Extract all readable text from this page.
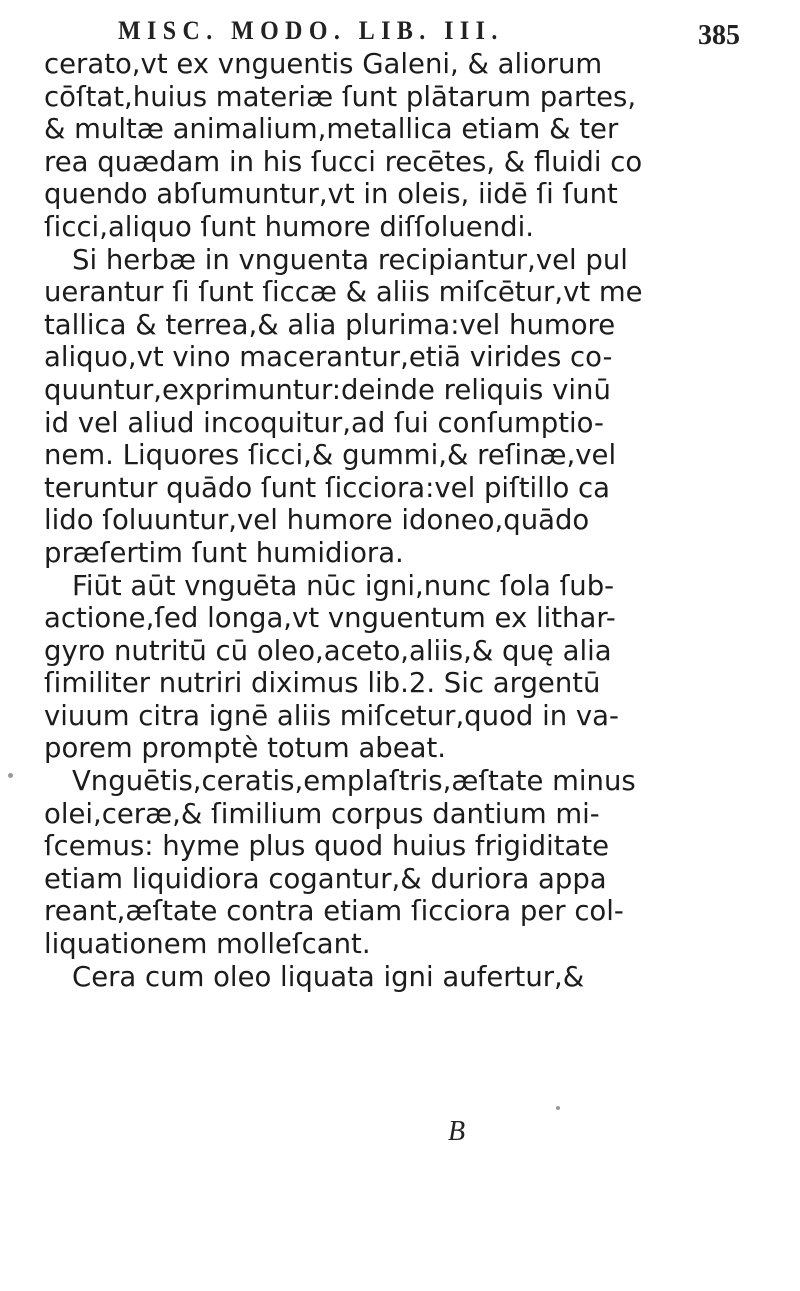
MISC. MODO. LIB. III.	385
cerato,vt ex vnguentis Galeni, & aliorum
cōſtat,huius materiæ ſunt plātarum partes,
& multæ animalium,metallica etiam & ter
rea quædam in his ſucci recētes, & fluidi co
quendo abſumuntur,vt in oleis, iidē ſi ſunt
ſicci,aliquo ſunt humore diſſoluendi.
Si herbæ in vnguenta recipiantur,vel pul
uerantur ſi ſunt ſiccæ & aliis miſcētur,vt me
tallica & terrea,& alia plurima:vel humore
aliquo,vt vino macerantur,etiā virides co-
quuntur,exprimuntur:deinde reliquis vinū
id vel aliud incoquitur,ad ſui conſumptio-
nem. Liquores ſicci,& gummi,& reſinæ,vel
teruntur quādo ſunt ſicciora:vel piſtillo ca
lido ſoluuntur,vel humore idoneo,quādo
præſertim ſunt humidiora.
Fiūt aūt vnguēta nūc igni,nunc ſola ſub-
actione,ſed longa,vt vnguentum ex lithar-
gyro nutritū cū oleo,aceto,aliis,& quę alia
ſimiliter nutriri diximus lib.2. Sic argentū
viuum citra ignē aliis miſcetur,quod in va-
porem promptè totum abeat.
Vnguētis,ceratis,emplaſtris,æſtate minus
olei,ceræ,& ſimilium corpus dantium mi-
ſcemus: hyme plus quod huius frigiditate
etiam liquidiora cogantur,& duriora appa
reant,æſtate contra etiam ſicciora per col-
liquationem molleſcant.
Cera cum oleo liquata igni aufertur,&
B
